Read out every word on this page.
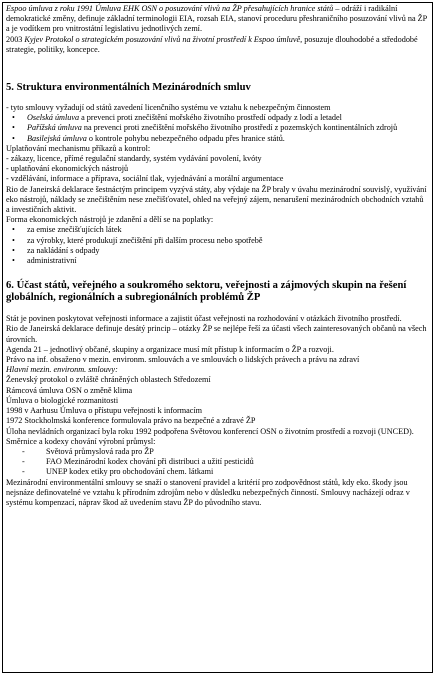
Espoo úmluva z roku 1991 Úmluva EHK OSN o posuzování vlivů na ŽP přesahujících hranice států – odráží i radikální demokratické změny, definuje základní terminologii EIA, rozsah EIA, stanoví proceduru přeshraničního posuzování vlivů na ŽP a je vodítkem pro vnitrostátní legislativu jednotlivých zemí.

2003 Kyjev Protokol o strategickém posuzování vlivů na životní prostředí k Espoo úmluvě, posuzuje dlouhodobé a středodobé strategie, politiky, koncepce.

5. Struktura environmentálních Mezinárodních smluv

- tyto smlouvy vyžadují od států zavedení licenčního systému ve vztahu k nebezpečným činnostem

• Oselská úmluva a prevenci proti znečištění mořského životního prostředí odpady z lodí a letadel
• Pařížská úmluva na prevenci proti znečištění mořského životního prostředí z pozemských kontinentálních zdrojů
• Basilejská úmluva o kontrole pohybu nebezpečného odpadu přes hranice států.

Uplatňování mechanismu příkazů a kontrol:

- zákazy, licence, přímé regulační standardy, systém vydávání povolení, kvóty

- uplatňování ekonomických nástrojů

- vzdělávání, informace a příprava, sociální tlak, vyjednávání a morální argumentace

Rio de Janeirská deklarace šestnáctým principem vyzývá státy, aby výdaje na ŽP braly v úvahu mezinárodní souvislý, využívání eko nástrojů, náklady se znečištěním nese znečišťovatel, ohled na veřejný zájem, nenarušení mezinárodních obchodních vztahů a investičních aktivit.

Forma ekonomických nástrojů je zdanění a dělí se na poplatky:

• za emise znečišťujících látek
• za výrobky, které produkují znečištění při dalším procesu nebo spotřebě
• za nakládání s odpady
• administrativní
6. Účast států, veřejného a soukromého sektoru, veřejnosti a zájmových skupin na řešení globálních, regionálních a subregionálních problémů ŽP

Stát je povinen poskytovat veřejnosti informace a zajistit účast veřejnosti na rozhodování v otázkách životního prostředí.

Rio de Janeirská deklarace definuje desátý princip – otázky ŽP se nejlépe řeší za účasti všech zainteresovaných občanů na všech úrovních.

Agenda 21 – jednotlivý občané, skupiny a organizace musí mít přístup k informacím o ŽP a rozvoji.

Právo na inf. obsaženo v mezin. environm. smlouvách a ve smlouvách o lidských právech a právu na zdraví

Hlavní mezin. environm. smlouvy:

Ženevský protokol o zvláště chráněných oblastech Středozemí

Rámcová úmluva OSN o změně klima

Úmluva o biologické rozmanitosti

1998 v Aarhusu Úmluva o přístupu veřejnosti k informacím

1972 Stockholmská konference formulovala právo na bezpečné a zdravé ŽP

Úloha nevládních organizací byla roku 1992 podpořena Světovou konferencí OSN o životním prostředí a rozvoji (UNCED).

Směrnice a kodexy chování výrobní průmysl:

- Světová průmyslová rada pro ŽP
- FAO Mezinárodní kodex chování při distribuci a užití pesticidů
- UNEP kodex etiky pro obchodování chem. látkami

Mezinárodní environmentální smlouvy se snaží o stanovení pravidel a kritérií pro zodpovědnost států, kdy eko. škody jsou nejsnáze definovatelné ve vztahu k přírodním zdrojům nebo v důsledku nebezpečných činností. Smlouvy nacházejí odraz v systému kompenzací, náprav škod až uvedením stavu ŽP do původního stavu.
